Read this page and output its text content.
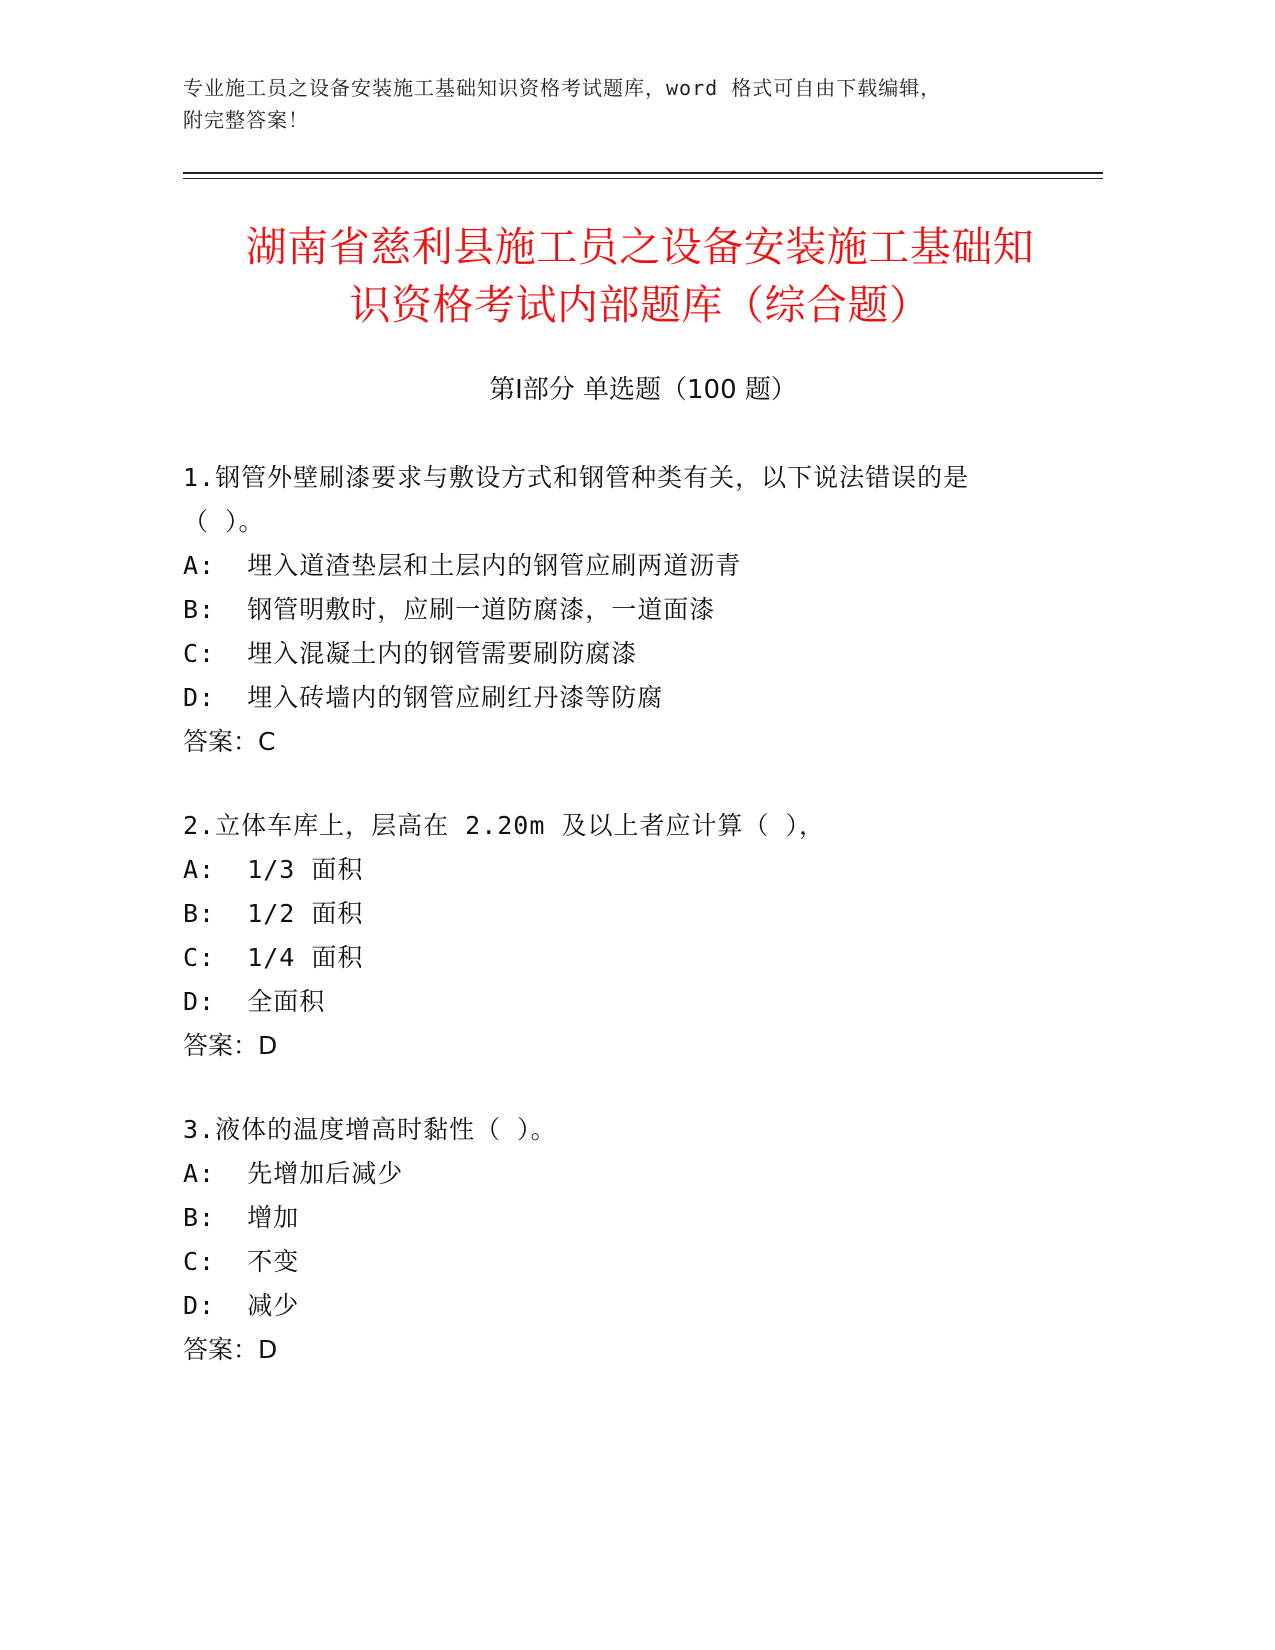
专业施工员之设备安装施工基础知识资格考试题库，word 格式可自由下载编辑，
附完整答案！
湖南省慈利县施工员之设备安装施工基础知
识资格考试内部题库（综合题）
第Ⅰ部分 单选题（100 题）
1.钢管外壁刷漆要求与敷设方式和钢管种类有关，以下说法错误的是
（ ）。
A:  埋入道渣垫层和土层内的钢管应刷两道沥青
B:  钢管明敷时，应刷一道防腐漆，一道面漆
C:  埋入混凝土内的钢管需要刷防腐漆
D:  埋入砖墙内的钢管应刷红丹漆等防腐
答案：C
2.立体车库上，层高在 2.20m 及以上者应计算（ ），
A:  1/3 面积
B:  1/2 面积
C:  1/4 面积
D:  全面积
答案：D
3.液体的温度增高时黏性（ ）。
A:  先增加后减少
B:  增加
C:  不变
D:  减少
答案：D
